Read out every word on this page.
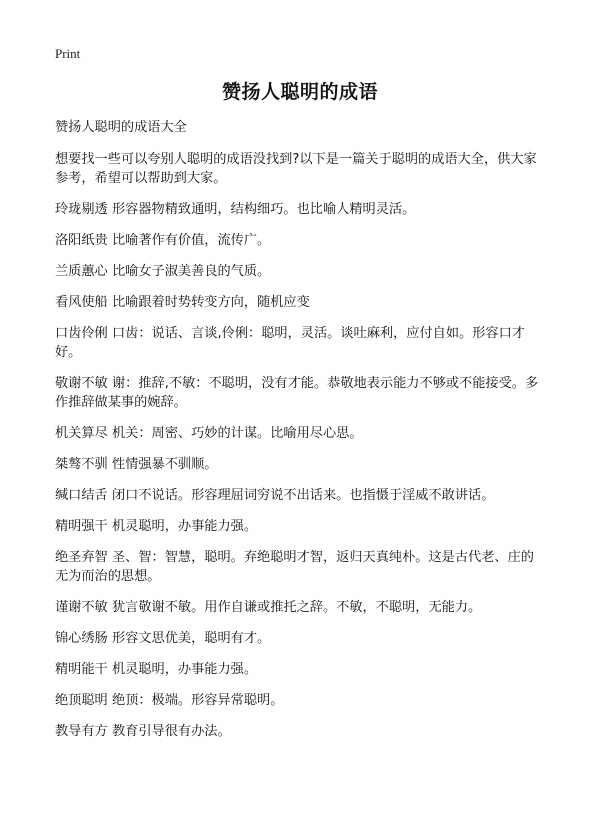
Print
赞扬人聪明的成语

赞扬人聪明的成语大全

想要找一些可以夸别人聪明的成语没找到?以下是一篇关于聪明的成语大全，供大家参考，希望可以帮助到大家。

玲珑剔透 形容器物精致通明，结构细巧。也比喻人精明灵活。

洛阳纸贵 比喻著作有价值，流传广。

兰质蕙心 比喻女子淑美善良的气质。

看风使船 比喻跟着时势转变方向，随机应变

口齿伶俐 口齿：说话、言谈,伶俐：聪明，灵活。谈吐麻利，应付自如。形容口才好。

敬谢不敏 谢：推辞,不敏：不聪明，没有才能。恭敬地表示能力不够或不能接受。多作推辞做某事的婉辞。

机关算尽 机关：周密、巧妙的计谋。比喻用尽心思。

桀骜不驯 性情强暴不驯顺。

缄口结舌 闭口不说话。形容理屈词穷说不出话来。也指慑于淫威不敢讲话。

精明强干 机灵聪明，办事能力强。

绝圣弃智 圣、智：智慧，聪明。弃绝聪明才智，返归天真纯朴。这是古代老、庄的无为而治的思想。

谨谢不敏 犹言敬谢不敏。用作自谦或推托之辞。不敏，不聪明，无能力。

锦心绣肠 形容文思优美，聪明有才。

精明能干 机灵聪明，办事能力强。

绝顶聪明 绝顶：极端。形容异常聪明。

教导有方 教育引导很有办法。
